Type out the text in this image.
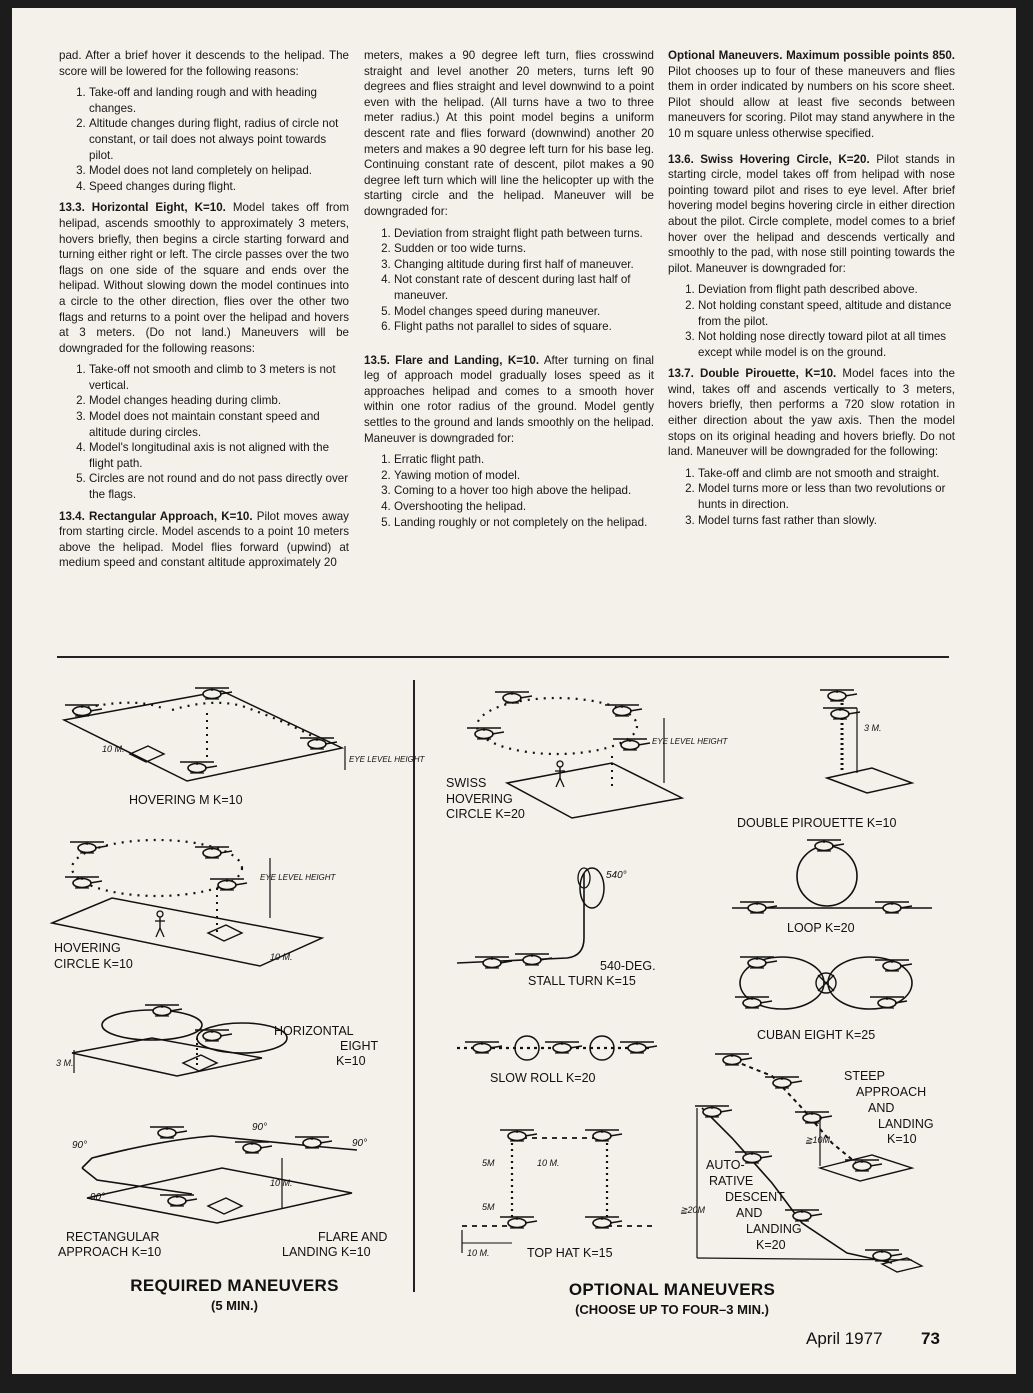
pad. After a brief hover it descends to the helipad. The score will be lowered for the following reasons:

1. Take-off and landing rough and with heading changes.
2. Altitude changes during flight, radius of circle not constant, or tail does not always point towards pilot.
3. Model does not land completely on helipad.
4. Speed changes during flight.

13.3. Horizontal Eight, K=10. Model takes off from helipad, ascends smoothly to approximately 3 meters, hovers briefly, then begins a circle starting forward and turning either right or left. The circle passes over the two flags on one side of the square and ends over the helipad. Without slowing down the model continues into a circle to the other direction, flies over the other two flags and returns to a point over the helipad and hovers at 3 meters. (Do not land.) Maneuvers will be downgraded for the following reasons:

1. Take-off not smooth and climb to 3 meters is not vertical.
2. Model changes heading during climb.
3. Model does not maintain constant speed and altitude during circles.
4. Model's longitudinal axis is not aligned with the flight path.
5. Circles are not round and do not pass directly over the flags.

13.4. Rectangular Approach, K=10. Pilot moves away from starting circle. Model ascends to a point 10 meters above the helipad. Model flies forward (upwind) at medium speed and constant altitude approximately 20

meters, makes a 90 degree left turn, flies crosswind straight and level another 20 meters, turns left 90 degrees and flies straight and level downwind to a point even with the helipad. (All turns have a two to three meter radius.) At this point model begins a uniform descent rate and flies forward (downwind) another 20 meters and makes a 90 degree left turn for his base leg. Continuing constant rate of descent, pilot makes a 90 degree left turn which will line the helicopter up with the starting circle and the helipad. Maneuver will be downgraded for:

1. Deviation from straight flight path between turns.
2. Sudden or too wide turns.
3. Changing altitude during first half of maneuver.
4. Not constant rate of descent during last half of maneuver.
5. Model changes speed during maneuver.
6. Flight paths not parallel to sides of square.

13.5. Flare and Landing, K=10. After turning on final leg of approach model gradually loses speed as it approaches helipad and comes to a smooth hover within one rotor radius of the ground. Model gently settles to the ground and lands smoothly on the helipad. Maneuver is downgraded for:

1. Erratic flight path.
2. Yawing motion of model.
3. Coming to a hover too high above the helipad.
4. Overshooting the helipad.
5. Landing roughly or not completely on the helipad.

Optional Maneuvers. Maximum possible points 850. Pilot chooses up to four of these maneuvers and flies them in order indicated by numbers on his score sheet. Pilot should allow at least five seconds between maneuvers for scoring. Pilot may stand anywhere in the 10 m square unless otherwise specified.

13.6. Swiss Hovering Circle, K=20. Pilot stands in starting circle, model takes off from helipad with nose pointing toward pilot and rises to eye level. After brief hovering model begins hovering circle in either direction about the pilot. Circle complete, model comes to a brief hover over the helipad and descends vertically and smoothly to the pad, with nose still pointing towards the pilot. Maneuver is downgraded for:

1. Deviation from flight path described above.
2. Not holding constant speed, altitude and distance from the pilot.
3. Not holding nose directly toward pilot at all times except while model is on the ground.

13.7. Double Pirouette, K=10. Model faces into the wind, takes off and ascends vertically to 3 meters, hovers briefly, then performs a 720 slow rotation in either direction about the yaw axis. Then the model stops on its original heading and hovers briefly. Do not land. Maneuver will be downgraded for the following:

1. Take-off and climb are not smooth and straight.
2. Model turns more or less than two revolutions or hunts in direction.
3. Model turns fast rather than slowly.
EYE LEVEL HEIGHT
EYE LEVEL HEIGHT
EYE LEVEL HEIGHT
10 M.
10 M.
10 M.
10 M.
10 M.
3 M.
3 M.
540°
90°
90°
90°
90°
5M
5M
≧10M
≧20M
HOVERING M K=10
HOVERING
CIRCLE K=10
HORIZONTAL
EIGHT
K=10
RECTANGULAR
APPROACH K=10
FLARE AND
LANDING K=10
SWISS
HOVERING
CIRCLE K=20
540-DEG.
STALL TURN K=15
SLOW ROLL K=20
TOP HAT K=15
DOUBLE PIROUETTE K=10
LOOP K=20
CUBAN EIGHT K=25
STEEP
APPROACH
AND
LANDING
K=10
AUTO-
RATIVE
DESCENT
AND
LANDING
K=20
REQUIRED MANEUVERS
(5 MIN.)
OPTIONAL MANEUVERS
(CHOOSE UP TO FOUR–3 MIN.)
April 1977 73
